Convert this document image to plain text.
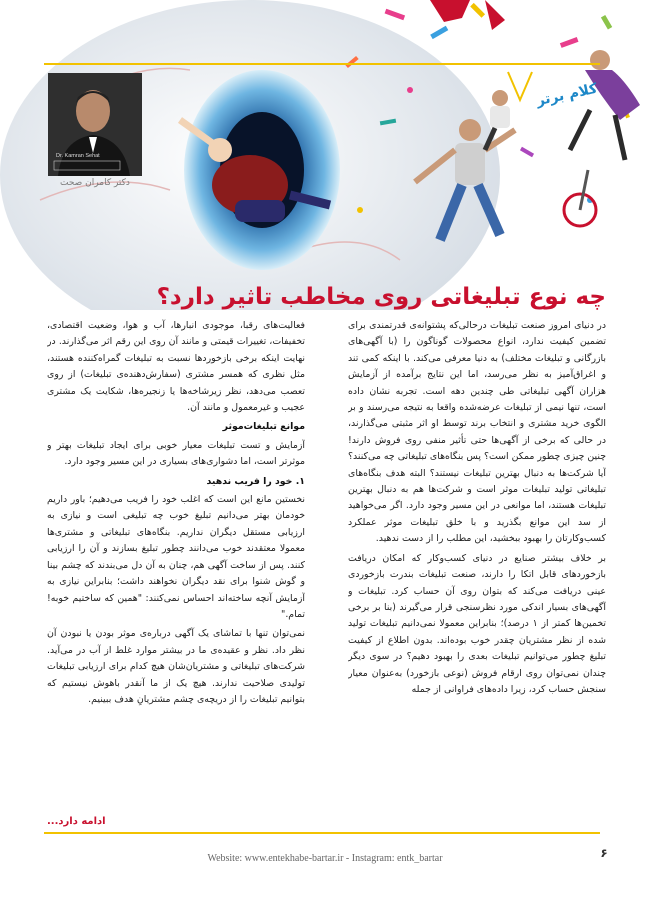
Dr. Kamran Sehat
دکتر کامران صحت
کلام برتر
چه نوع تبلیغاتی روی مخاطب تاثیر دارد؟

در دنیای امروز صنعت تبلیغات درحالی‌که پشتوانه‌ی قدرتمندی برای تضمین کیفیت ندارد، انواع محصولات گوناگون را (با آگهی‌های بازرگانی و تبلیغات مختلف) به دنیا معرفی می‌کند. با اینکه کمی تند و اغراق‌آمیز به نظر می‌رسد، اما این نتایج برآمده از آزمایش هزاران آگهی تبلیغاتی طی چندین دهه است. تجربه نشان داده است، تنها نیمی از تبلیغات عرضه‌شده واقعا به نتیجه می‌رسند و بر الگوی خرید مشتری و انتخاب برند توسط او اثر مثبتی می‌گذارند، در حالی که برخی از آگهی‌ها حتی تأثیر منفی روی فروش دارند! چنین چیزی چطور ممکن است؟ پس بنگاه‌های تبلیغاتی چه می‌کنند؟ آیا شرکت‌ها به دنبال بهترین تبلیغات نیستند؟ البته هدف بنگاه‌های تبلیغاتی تولید تبلیغات موثر است و شرکت‌ها هم به دنبال بهترین تبلیغات هستند، اما موانعی در این مسیر وجود دارد. اگر می‌خواهید از سد این موانع بگذرید و با خلق تبلیغات موثر عملکرد کسب‌وکارتان را بهبود ببخشید، این مطلب را از دست ندهید.

بر خلاف بیشتر صنایع در دنیای کسب‌وکار که امکان دریافت بازخوردهای قابل اتکا را دارند، صنعت تبلیغات بندرت بازخوردی عینی دریافت می‌کند که بتوان روی آن حساب کرد. تبلیغات و آگهی‌های بسیار اندکی مورد نظرسنجی قرار می‌گیرند (بنا بر برخی تخمین‌ها کمتر از ۱ درصد)؛ بنابراین معمولا نمی‌دانیم تبلیغات تولید شده از نظر مشتریان چقدر خوب بوده‌اند. بدون اطلاع از کیفیت تبلیغ چطور می‌توانیم تبلیغات بعدی را بهبود دهیم؟ در سوی دیگر چندان نمی‌توان روی ارقام فروش (نوعی بازخورد) به‌عنوان معیار سنجش حساب کرد، زیرا داده‌های فراوانی از جمله

فعالیت‌های رقبا، موجودی انبارها، آب و هوا، وضعیت اقتصادی، تخفیفات، تغییرات قیمتی و مانند آن روی این رقم اثر می‌گذارند. در نهایت اینکه برخی بازخوردها نسبت به تبلیغات گمراه‌کننده هستند، مثل نظری که همسر مشتری (سفارش‌دهنده‌ی تبلیغات) از روی تعصب می‌دهد، نظر زیرشاخه‌ها یا زنجیره‌ها، شکایت یک مشتری عجیب و غیرمعمول و مانند آن.

موانع تبلیغات‌موثر

آزمایش و تست تبلیغات معیار خوبی برای ایجاد تبلیغات بهتر و موثرتر است، اما دشواری‌های بسیاری در این مسیر وجود دارد.

۱. خود را فریب ندهید

نخستین مانع این است که اغلب خود را فریب می‌دهیم؛ باور داریم خودمان بهتر می‌دانیم تبلیغ خوب چه تبلیغی است و نیازی به ارزیابی مستقل دیگران نداریم. بنگاه‌های تبلیغاتی و مشتری‌ها معمولا معتقدند خوب می‌دانند چطور تبلیغ بسازند و آن را ارزیابی کنند. پس از ساخت آگهی هم، چنان به آن دل می‌بندند که چشم بینا و گوش شنوا برای نقد دیگران نخواهند داشت؛ بنابراین نیازی به آزمایش آنچه ساخته‌اند احساس نمی‌کنند: "همین که ساختیم خوبه! تمام."

نمی‌توان تنها با تماشای یک آگهی درباره‌ی موثر بودن یا نبودن آن نظر داد. نظر و عقیده‌ی ما در بیشتر موارد غلط از آب در می‌آید. شرکت‌های تبلیغاتی و مشتریان‌شان هیچ کدام برای ارزیابی تبلیغات تولیدی صلاحیت ندارند. هیچ یک از ما آنقدر باهوش نیستیم که بتوانیم تبلیغات را از دریچه‌ی چشم مشتریانِ هدف ببینیم.

ادامه دارد...
Website: www.entekhabe-bartar.ir - Instagram: entk_bartar	۶
